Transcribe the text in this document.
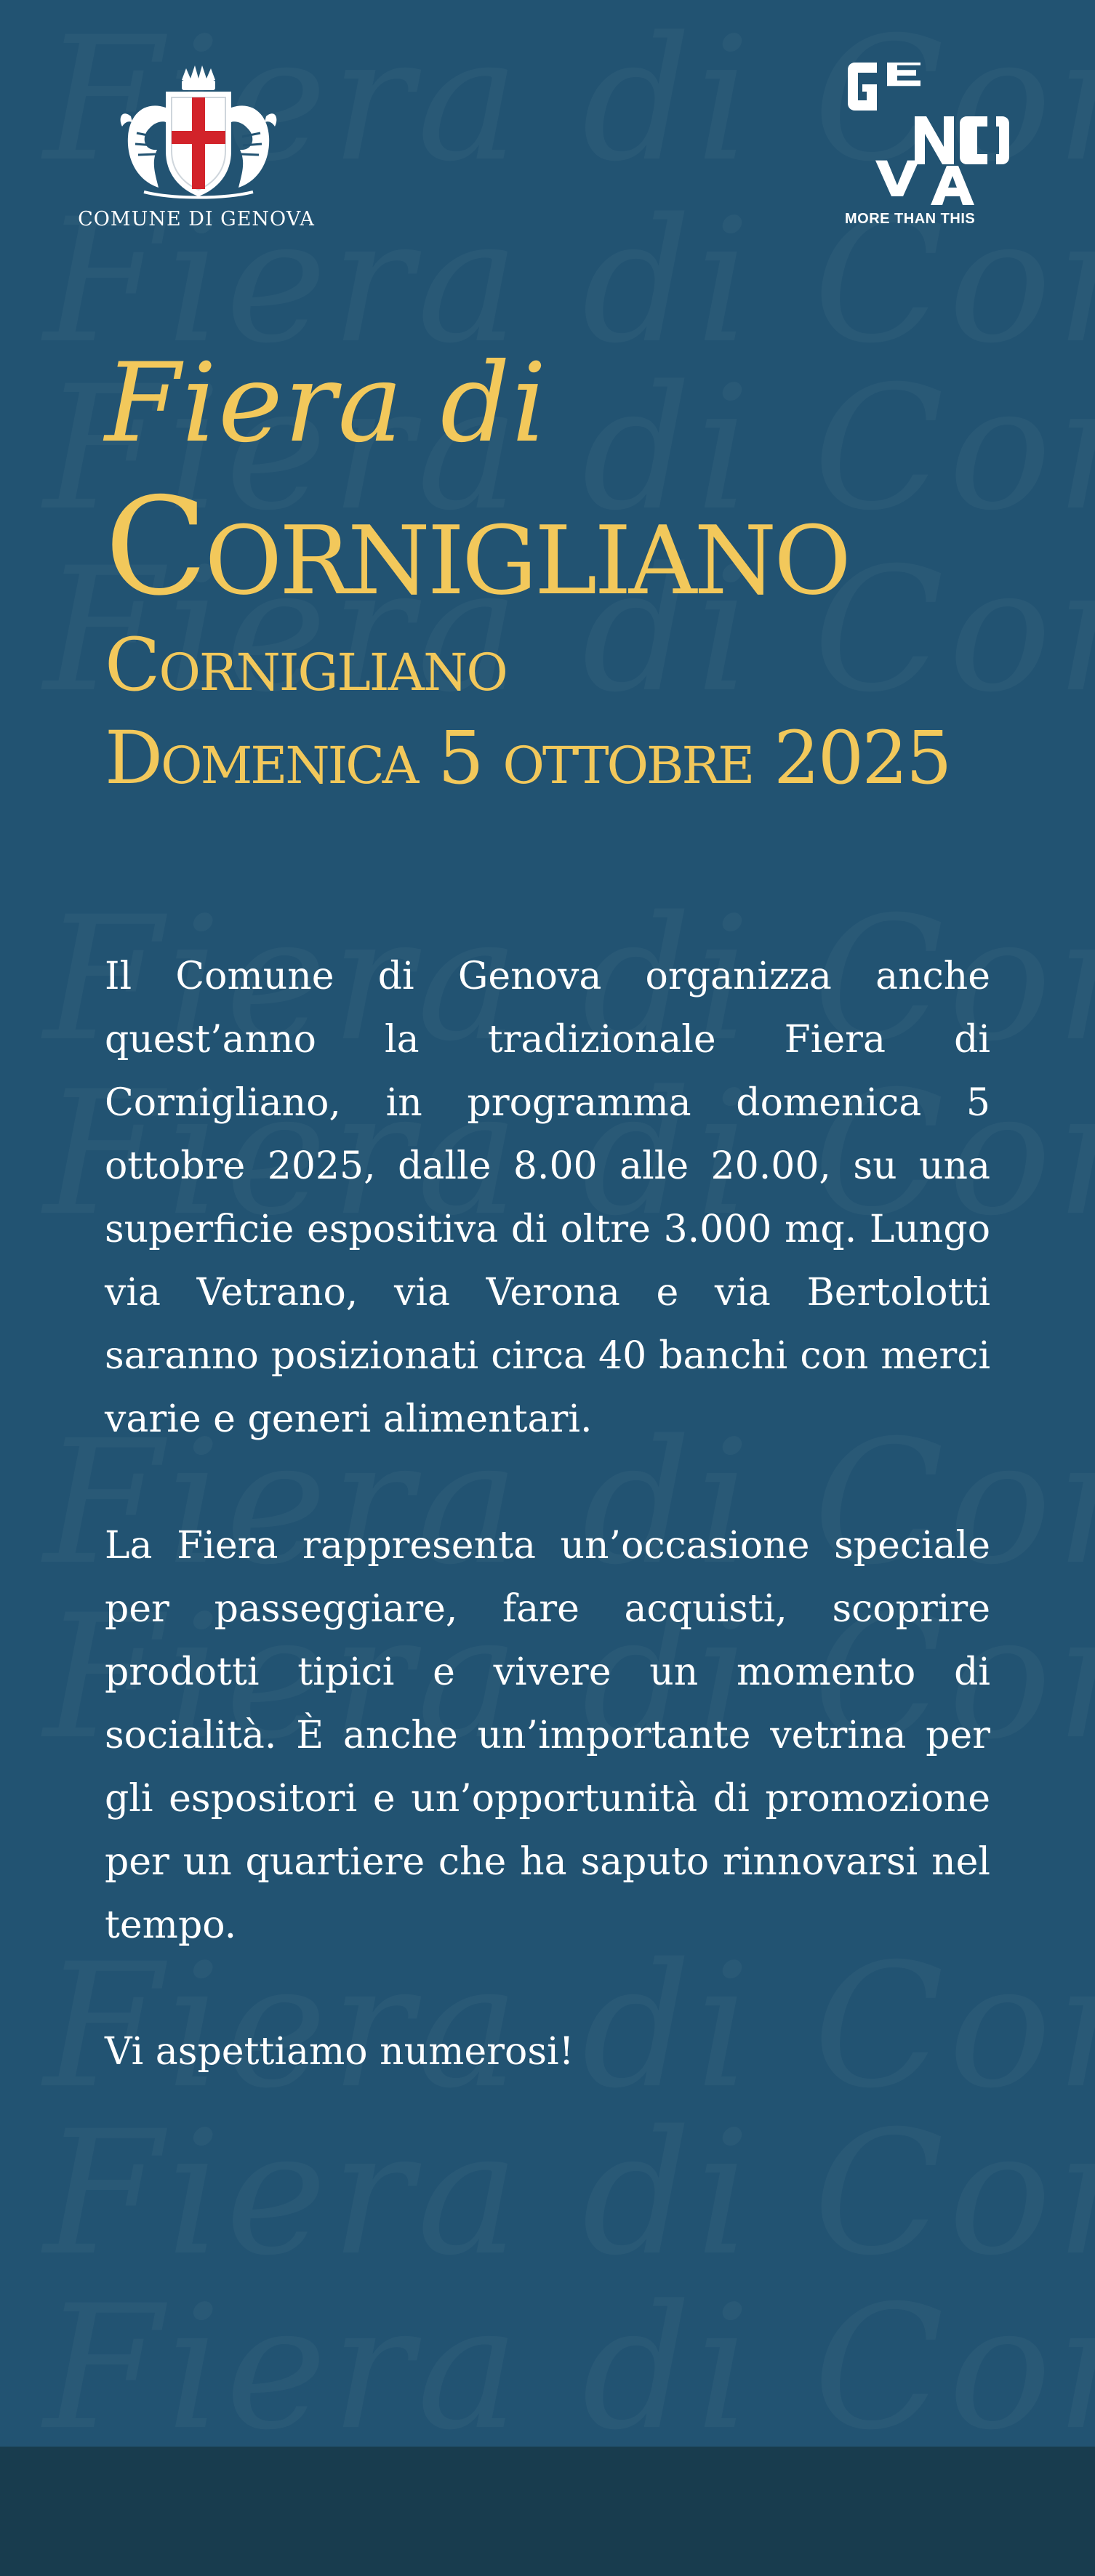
COMUNE DI GENOVA	MORE THAN THIS
Fiera di
Cornigliano
Cornigliano
Domenica 5 ottobre 2025

Il Comune di Genova organizza anche quest’anno la tradizionale Fiera di Cornigliano, in programma domenica 5 ottobre 2025, dalle 8.00 alle 20.00, su una superficie espositiva di oltre 3.000 mq. Lungo via Vetrano, via Verona e via Bertolotti saranno posizionati circa 40 banchi con merci varie e generi alimentari.

La Fiera rappresenta un’occasione speciale per passeggiare, fare acquisti, scoprire prodotti tipici e vivere un momento di socialità. È anche un’importante vetrina per gli espositori e un’opportunità di promozione per un quartiere che ha saputo rinnovarsi nel tempo.

Vi aspettiamo numerosi!
